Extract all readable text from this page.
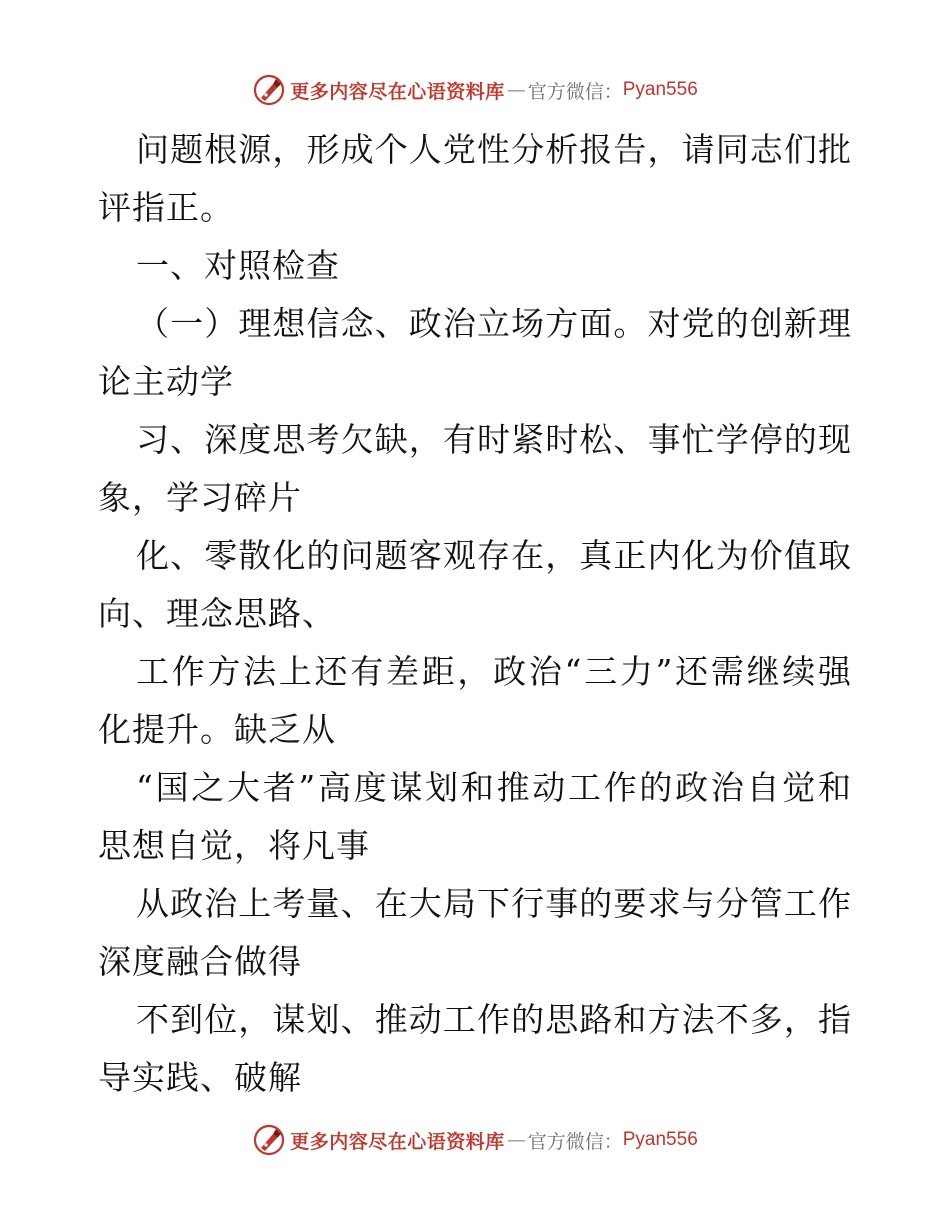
更多内容尽在心语资料库 — 官方微信： Pyan556
问题根源，形成个人党性分析报告，请同志们批
评指正。
一、对照检查
（一）理想信念、政治立场方面。对党的创新理
论主动学
习、深度思考欠缺，有时紧时松、事忙学停的现
象，学习碎片
化、零散化的问题客观存在，真正内化为价值取
向、理念思路、
工作方法上还有差距，政治“三力”还需继续强
化提升。缺乏从
“国之大者”高度谋划和推动工作的政治自觉和
思想自觉，将凡事
从政治上考量、在大局下行事的要求与分管工作
深度融合做得
不到位，谋划、推动工作的思路和方法不多，指
导实践、破解
更多内容尽在心语资料库 — 官方微信： Pyan556
